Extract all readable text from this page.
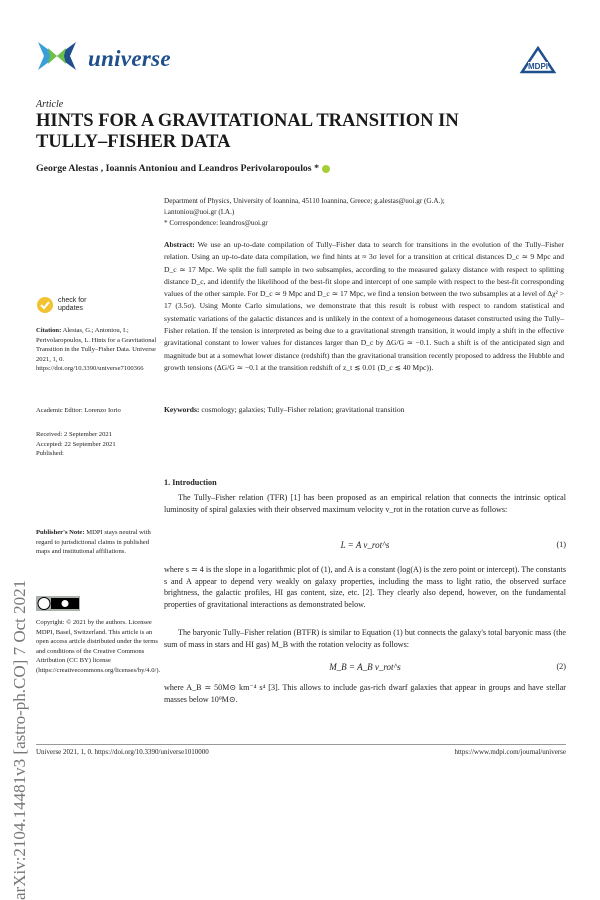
universe	MDPI
Article
HINTS FOR A GRAVITATIONAL TRANSITION IN TULLY–FISHER DATA
George Alestas , Ioannis Antoniou and Leandros Perivolaropoulos *
arXiv:2104.14481v3 [astro-ph.CO] 7 Oct 2021
Department of Physics, University of Ioannina, 45110 Ioannina, Greece; g.alestas@uoi.gr (G.A.);
i.antoniou@uoi.gr (I.A.)
* Correspondence: leandros@uoi.gr
Abstract: We use an up-to-date compilation of Tully–Fisher data to search for transitions in the evolution of the Tully–Fisher relation. Using an up-to-date data compilation, we find hints at ≈ 3σ level for a transition at critical distances D_c ≃ 9 Mpc and D_c ≃ 17 Mpc. We split the full sample in two subsamples, according to the measured galaxy distance with respect to splitting distance D_c, and identify the likelihood of the best-fit slope and intercept of one sample with respect to the best-fit corresponding values of the other sample. For D_c ≃ 9 Mpc and D_c ≃ 17 Mpc, we find a tension between the two subsamples at a level of Δχ² > 17 (3.5σ). Using Monte Carlo simulations, we demonstrate that this result is robust with respect to random statistical and systematic variations of the galactic distances and is unlikely in the context of a homogeneous dataset constructed using the Tully–Fisher relation. If the tension is interpreted as being due to a gravitational strength transition, it would imply a shift in the effective gravitational constant to lower values for distances larger than D_c by ΔG/G ≃ −0.1. Such a shift is of the anticipated sign and magnitude but at a somewhat lower distance (redshift) than the gravitational transition recently proposed to address the Hubble and growth tensions (ΔG/G ≃ −0.1 at the transition redshift of z_t ≲ 0.01 (D_c ≲ 40 Mpc)).
Keywords: cosmology; galaxies; Tully–Fisher relation; gravitational transition
check for updates
Citation: Alestas, G.; Antoniou, I.; Perivolaropoulos, L. Hints for a Gravitational Transition in the Tully–Fisher Data. Universe 2021, 1, 0. https://doi.org/10.3390/universe7100366
Academic Editor: Lorenzo Iorio
Received: 2 September 2021
Accepted: 22 September 2021
Published:
Publisher's Note: MDPI stays neutral with regard to jurisdictional claims in published maps and institutional affiliations.
Copyright: © 2021 by the authors. Licensee MDPI, Basel, Switzerland. This article is an open access article distributed under the terms and conditions of the Creative Commons Attribution (CC BY) license (https://creativecommons.org/licenses/by/4.0/).
1. Introduction
The Tully–Fisher relation (TFR) [1] has been proposed as an empirical relation that connects the intrinsic optical luminosity of spiral galaxies with their observed maximum velocity v_rot in the rotation curve as follows:
L = A v_rot^s	(1)
where s ≃ 4 is the slope in a logarithmic plot of (1), and A is a constant (log(A) is the zero point or intercept). The constants s and A appear to depend very weakly on galaxy properties, including the mass to light ratio, the observed surface brightness, the galactic profiles, HI gas content, size, etc. [2]. They clearly also depend, however, on the fundamental properties of gravitational interactions as demonstrated below.
The baryonic Tully–Fisher relation (BTFR) is similar to Equation (1) but connects the galaxy's total baryonic mass (the sum of mass in stars and HI gas) M_B with the rotation velocity as follows:
M_B = A_B v_rot^s	(2)
where A_B ≃ 50M⊙ km⁻⁴ s⁴ [3]. This allows to include gas-rich dwarf galaxies that appear in groups and have stellar masses below 10⁹M⊙.
Universe 2021, 1, 0. https://doi.org/10.3390/universe1010000	https://www.mdpi.com/journal/universe
